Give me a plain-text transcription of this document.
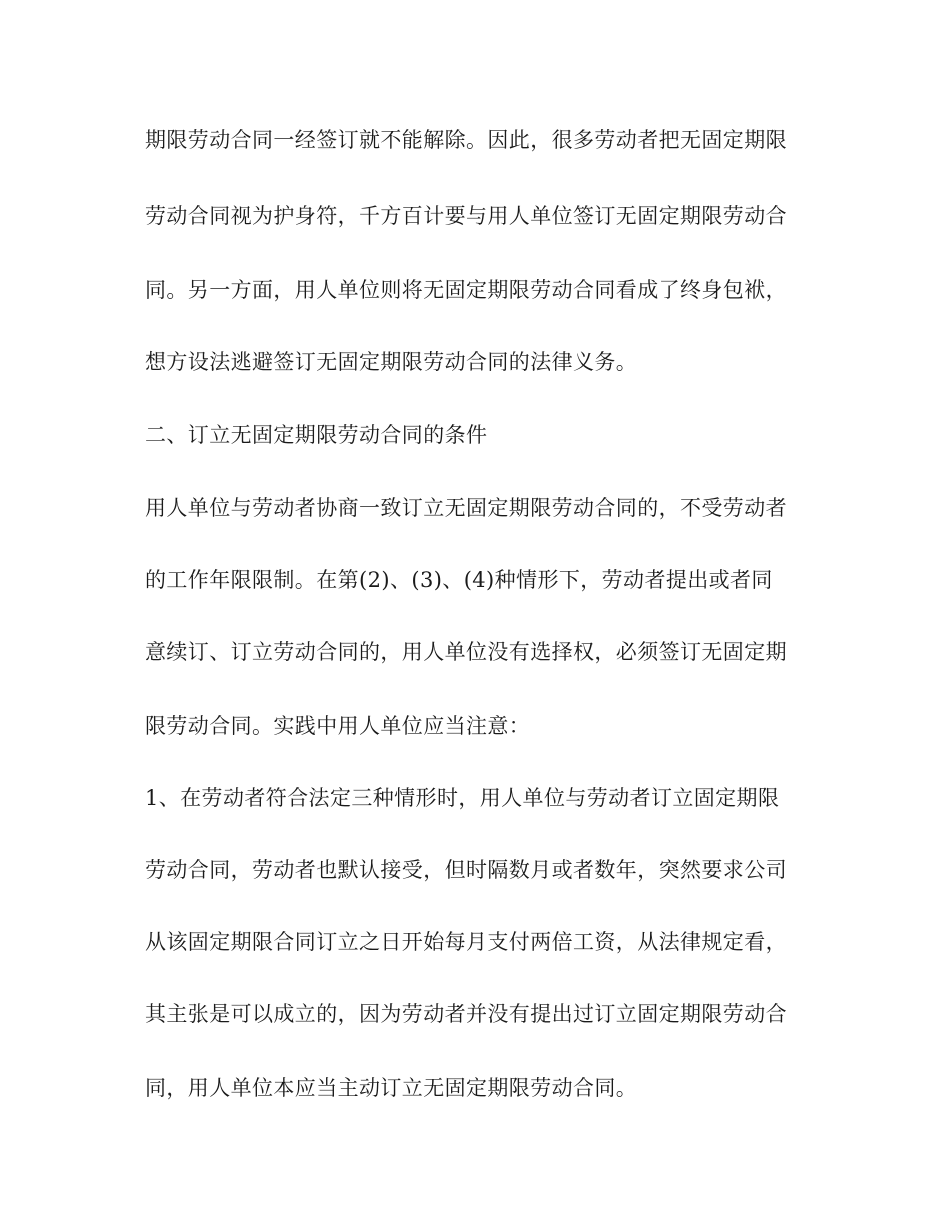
期限劳动合同一经签订就不能解除。因此，很多劳动者把无固定期限
劳动合同视为护身符，千方百计要与用人单位签订无固定期限劳动合
同。另一方面，用人单位则将无固定期限劳动合同看成了终身包袱，
想方设法逃避签订无固定期限劳动合同的法律义务。
二、订立无固定期限劳动合同的条件
用人单位与劳动者协商一致订立无固定期限劳动合同的，不受劳动者
的工作年限限制。在第(2)、(3)、(4)种情形下，劳动者提出或者同
意续订、订立劳动合同的，用人单位没有选择权，必须签订无固定期
限劳动合同。实践中用人单位应当注意：
1、在劳动者符合法定三种情形时，用人单位与劳动者订立固定期限
劳动合同，劳动者也默认接受，但时隔数月或者数年，突然要求公司
从该固定期限合同订立之日开始每月支付两倍工资，从法律规定看，
其主张是可以成立的，因为劳动者并没有提出过订立固定期限劳动合
同，用人单位本应当主动订立无固定期限劳动合同。
